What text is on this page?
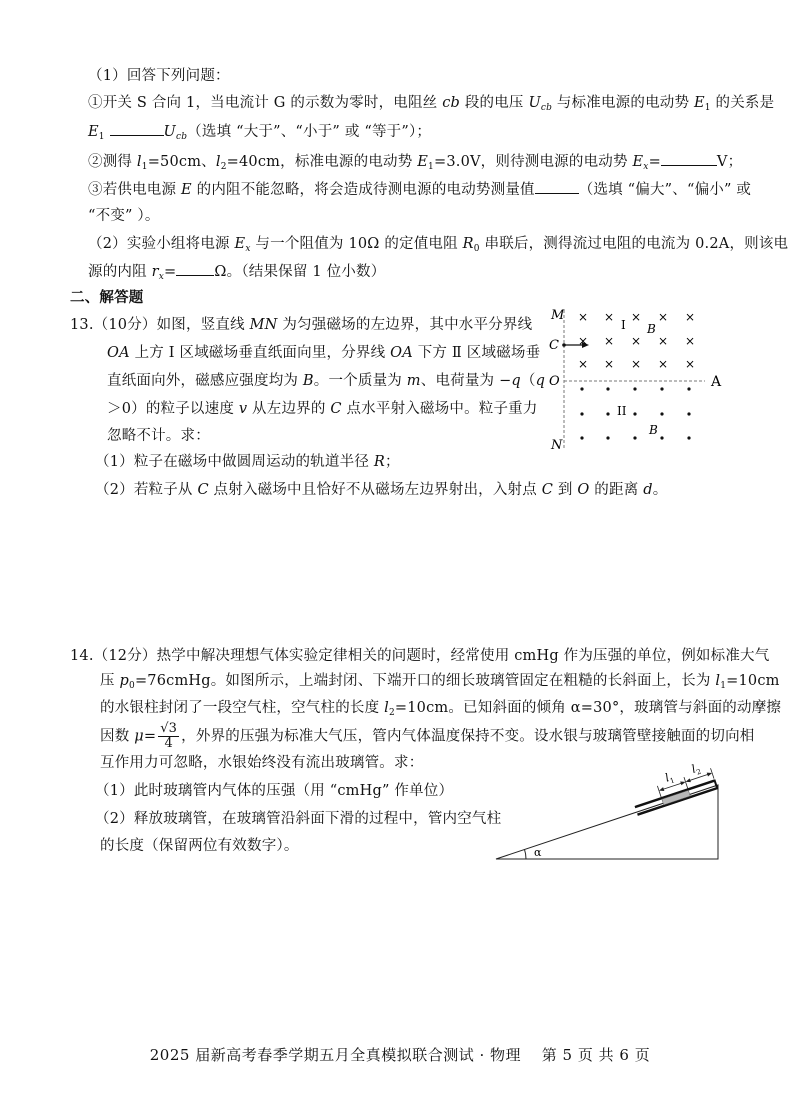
（1）回答下列问题：
①开关 S 合向 1，当电流计 G 的示数为零时，电阻丝 cb 段的电压 $U_{cb}$ 与标准电源的电动势 $E_1$ 的关系是
$E_1$	$U_{cb}$（选填 “大于”、“小于” 或 “等于”）；
②测得 $l_1=50cm$、$l_2=40cm$，标准电源的电动势 $E_1=3.0V$，则待测电源的电动势 $E_x=$	V；
③若供电电源 E 的内阻不能忽略，将会造成待测电源的电动势测量值	（选填 “偏大”、“偏小” 或
“不变” ）。
（2）实验小组将电源 $E_x$ 与一个阻值为 10Ω 的定值电阻 $R_0$ 串联后，测得流过电阻的电流为 0.2A，则该电
源的内阻 $r_x=$	Ω。（结果保留 1 位小数）
二、解答题
13.（10分）如图，竖直线 MN 为匀强磁场的左边界，其中水平分界线
OA 上方 Ⅰ 区域磁场垂直纸面向里，分界线 OA 下方 Ⅱ 区域磁场垂
直纸面向外，磁感应强度均为 B。一个质量为 m、电荷量为 −q（q
＞0）的粒子以速度 v 从左边界的 C 点水平射入磁场中。粒子重力
忽略不计。求：
（1）粒子在磁场中做圆周运动的轨道半径 R；
（2）若粒子从 C 点射入磁场中且恰好不从磁场左边界射出，入射点 C 到 O 的距离 d。
M
C
O
N
A
I B
II
B
× × × × ×
× × × × ×
× × × × ×
14.（12分）热学中解决理想气体实验定律相关的问题时，经常使用 cmHg 作为压强的单位，例如标准大气
压 $p_0=76cmHg$。如图所示，上端封闭、下端开口的细长玻璃管固定在粗糙的长斜面上，长为 $l_1=10cm$
的水银柱封闭了一段空气柱，空气柱的长度 $l_2=10cm$。已知斜面的倾角 α=30°，玻璃管与斜面的动摩擦
因数 $\mu= \frac{√3}{4}$ ，外界的压强为标准大气压，管内气体温度保持不变。设水银与玻璃管壁接触面的切向相
互作用力可忽略，水银始终没有流出玻璃管。求：
（1）此时玻璃管内气体的压强（用 “cmHg” 作单位）
（2）释放玻璃管，在玻璃管沿斜面下滑的过程中，管内空气柱
的长度（保留两位有效数字）。	α
$l_1$
$l_2$
2025 届新高考春季学期五月全真模拟联合测试 · 物理　 第 5 页 共 6 页
